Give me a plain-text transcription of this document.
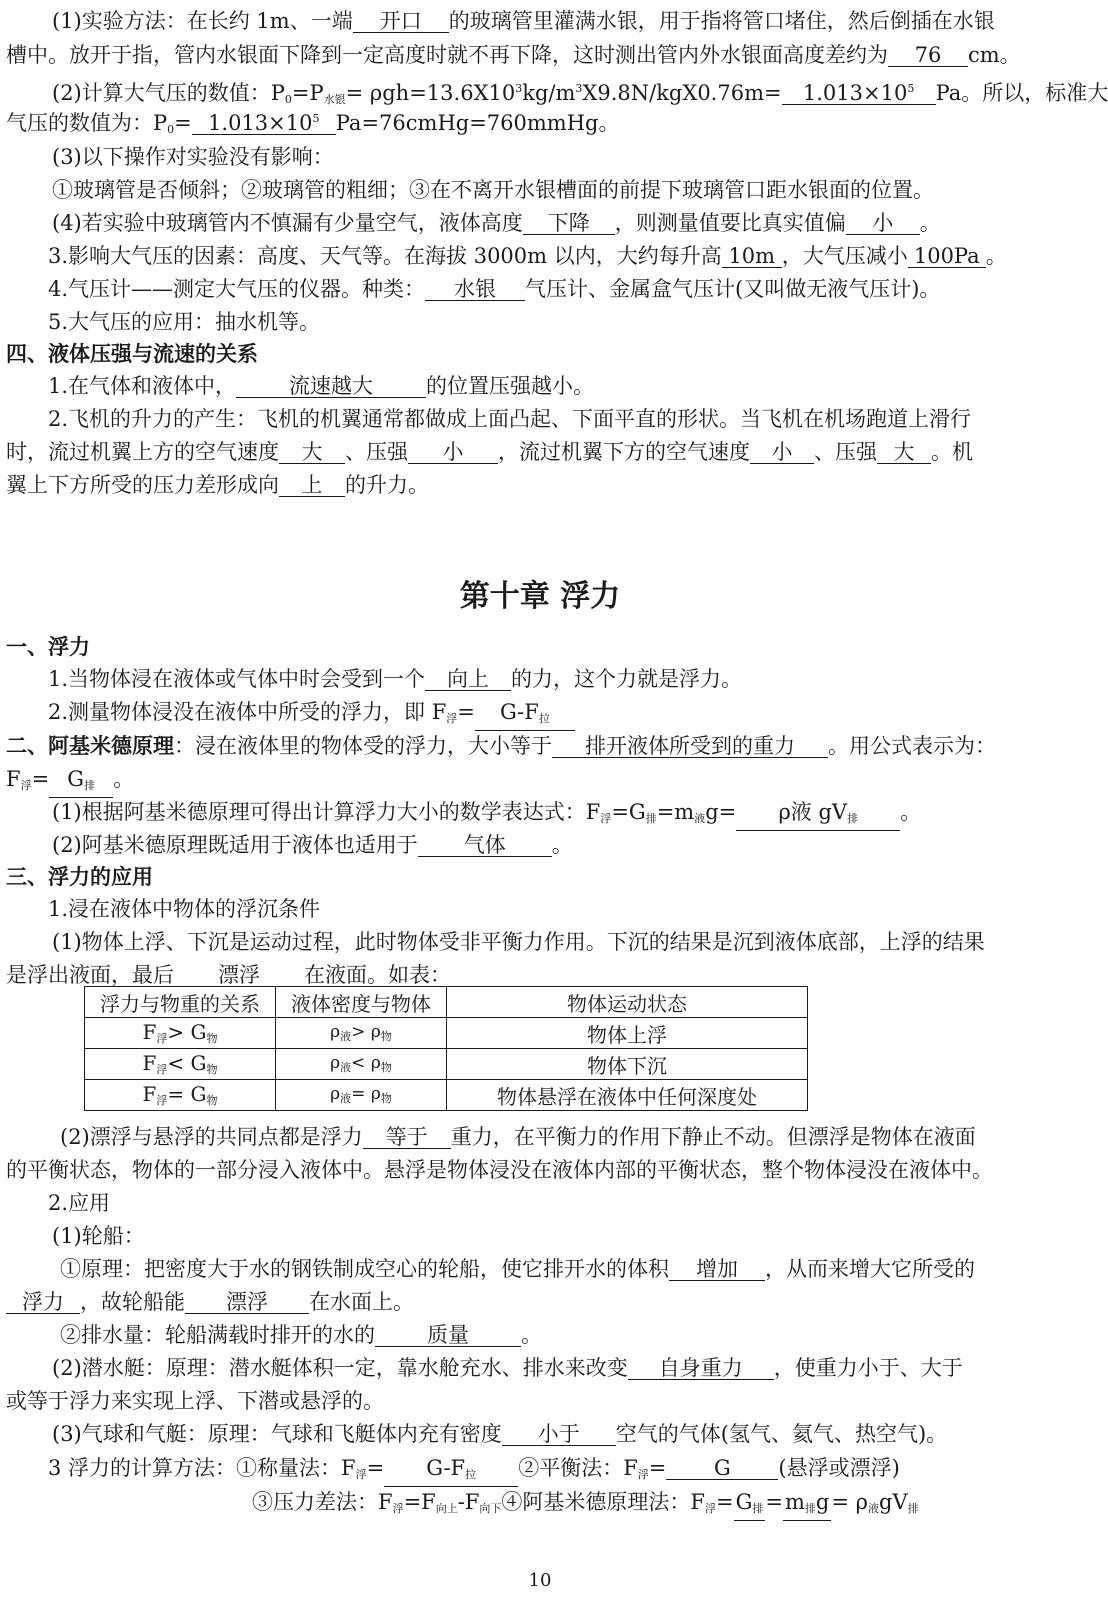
(1)实验方法：在长约 1m、一端 开口 的玻璃管里灌满水银，用于指将管口堵住，然后倒插在水银
槽中。放开于指，管内水银面下降到一定高度时就不再下降，这时测出管内外水银面高度差约为 76 cm。
(2)计算大气压的数值：$P_0=P_{水银}= \rho gh=13.6X10^3kg/m^3X9.8N/kgX0.76m= 1.013\times 10^5$ Pa。所以，标准大
气压的数值为：$P_0= 1.013\times 10^5$ Pa=76cmHg=760mmHg。
(3)以下操作对实验没有影响：
①玻璃管是否倾斜；②玻璃管的粗细；③在不离开水银槽面的前提下玻璃管口距水银面的位置。
(4)若实验中玻璃管内不慎漏有少量空气，液体高度 下降 ，则测量值要比真实值偏 小 。
3.影响大气压的因素：高度、天气等。在海拔 3000m 以内，大约每升高 10m ，大气压减小 100Pa 。
4.气压计——测定大气压的仪器。种类： 水银 气压计、金属盒气压计(又叫做无液气压计)。
5.大气压的应用：抽水机等。
四、液体压强与流速的关系
1.在气体和液体中，	流速越大	的位置压强越小。
2.飞机的升力的产生：飞机的机翼通常都做成上面凸起、下面平直的形状。当飞机在机场跑道上滑行
时，流过机翼上方的空气速度 大 、压强 小 ，流过机翼下方的空气速度 小 、压强 大 。机
翼上下方所受的压力差形成向 上 的升力。
第十章 浮力
一、浮力
1.当物体浸在液体或气体中时会受到一个 向上 的力，这个力就是浮力。
2.测量物体浸没在液体中所受的浮力，即 $F_浮= G-F_拉$
二、阿基米德原理：浸在液体里的物体受的浮力，大小等于 排开液体所受到的重力 。用公式表示为：
$F_浮= G_排$ 。
(1)根据阿基米德原理可得出计算浮力大小的数学表达式：$F_浮=G_排=m_液g= \rho$液 $gV_排$ 。
(2)阿基米德原理既适用于液体也适用于 气体 。
三、浮力的应用
1.浸在液体中物体的浮沉条件
(1)物体上浮、下沉是运动过程，此时物体受非平衡力作用。下沉的结果是沉到液体底部，上浮的结果
是浮出液面，最后 漂浮 在液面。如表：
浮力与物重的关系	液体密度与物体	物体运动状态
$F_浮> G_物$	$\rho_液> \rho_物$	物体上浮
$F_浮< G_物$	$\rho_液< \rho_物$	物体下沉
$F_浮= G_物$	$\rho_液= \rho_物$	物体悬浮在液体中任何深度处
(2)漂浮与悬浮的共同点都是浮力 等于 重力，在平衡力的作用下静止不动。但漂浮是物体在液面
的平衡状态，物体的一部分浸入液体中。悬浮是物体浸没在液体内部的平衡状态，整个物体浸没在液体中。
2.应用
(1)轮船：
①原理：把密度大于水的钢铁制成空心的轮船，使它排开水的体积 增加 ，从而来增大它所受的
浮力 ，故轮船能 漂浮 在水面上。
②排水量：轮船满载时排开的水的 质量 。
(2)潜水艇：原理：潜水艇体积一定，靠水舱充水、排水来改变 自身重力 ，使重力小于、大于
或等于浮力来实现上浮、下潜或悬浮的。
(3)气球和气艇：原理：气球和飞艇体内充有密度 小于 空气的气体(氢气、氦气、热空气)。
3 浮力的计算方法：①称量法：$F_浮= G-F_拉$ ②平衡法：$F_浮= G$ (悬浮或漂浮)
③压力差法：$F_浮=F_{向上}-F_{向下}④$阿基米德原理法：$F_浮=G_排=m_排g= \rho_液gV_排$
10
